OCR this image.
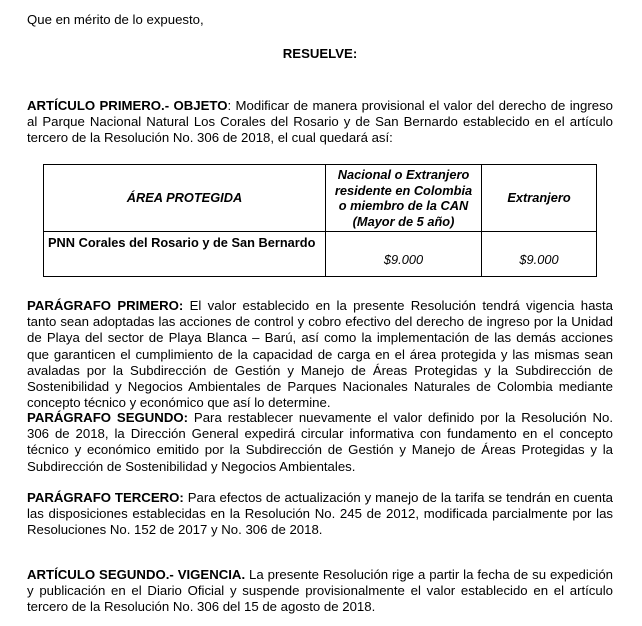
Que en mérito de lo expuesto,

RESUELVE:

ARTÍCULO PRIMERO.- OBJETO: Modificar de manera provisional el valor del derecho de ingreso al Parque Nacional Natural Los Corales del Rosario y de San Bernardo establecido en el artículo tercero de la Resolución No. 306 de 2018, el cual quedará así:

ÁREA PROTEGIDA	Nacional o Extranjero residente en Colombia o miembro de la CAN (Mayor de 5 año)	Extranjero
PNN Corales del Rosario y de San Bernardo	$9.000	$9.000

PARÁGRAFO PRIMERO: El valor establecido en la presente Resolución tendrá vigencia hasta tanto sean adoptadas las acciones de control y cobro efectivo del derecho de ingreso por la Unidad de Playa del sector de Playa Blanca – Barú, así como la implementación de las demás acciones que garanticen el cumplimiento de la capacidad de carga en el área protegida y las mismas sean avaladas por la Subdirección de Gestión y Manejo de Áreas Protegidas y la Subdirección de Sostenibilidad y Negocios Ambientales de Parques Nacionales Naturales de Colombia mediante concepto técnico y económico que así lo determine.

PARÁGRAFO SEGUNDO: Para restablecer nuevamente el valor definido por la Resolución No. 306 de 2018, la Dirección General expedirá circular informativa con fundamento en el concepto técnico y económico emitido por la Subdirección de Gestión y Manejo de Áreas Protegidas y la Subdirección de Sostenibilidad y Negocios Ambientales.

PARÁGRAFO TERCERO: Para efectos de actualización y manejo de la tarifa se tendrán en cuenta las disposiciones establecidas en la Resolución No. 245 de 2012, modificada parcialmente por las Resoluciones No. 152 de 2017 y No. 306 de 2018.

ARTÍCULO SEGUNDO.- VIGENCIA. La presente Resolución rige a partir la fecha de su expedición y publicación en el Diario Oficial y suspende provisionalmente el valor establecido en el artículo tercero de la Resolución No. 306 del 15 de agosto de 2018.
